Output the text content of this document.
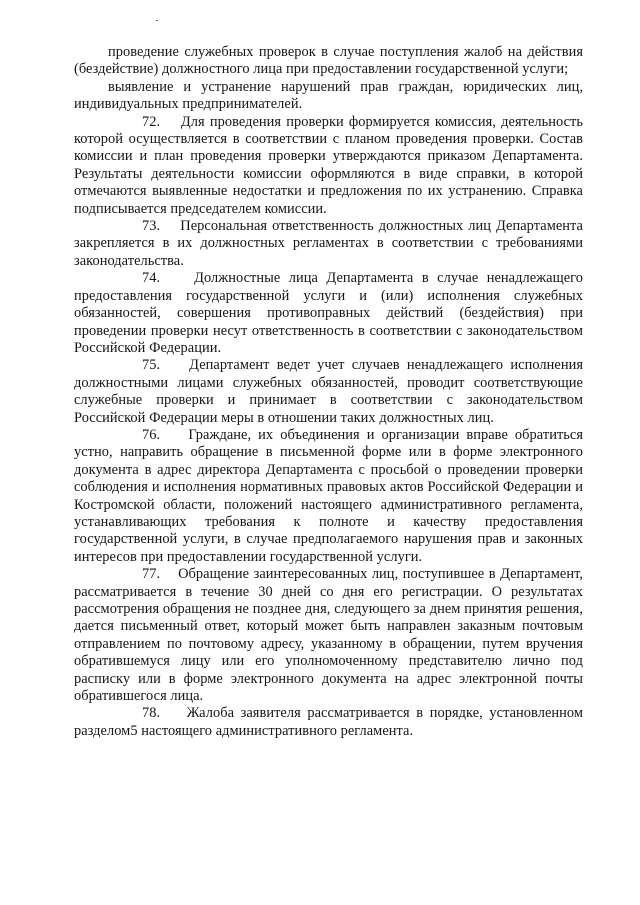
проведение служебных проверок в случае поступления жалоб на действия (бездействие) должностного лица при предоставлении государственной услуги;

выявление и устранение нарушений прав граждан, юридических лиц, индивидуальных предпринимателей.

72. Для проведения проверки формируется комиссия, деятельность которой осуществляется в соответствии с планом проведения проверки. Состав комиссии и план проведения проверки утверждаются приказом Департамента. Результаты деятельности комиссии оформляются в виде справки, в которой отмечаются выявленные недостатки и предложения по их устранению. Справка подписывается председателем комиссии.

73. Персональная ответственность должностных лиц Департамента закрепляется в их должностных регламентах в соответствии с требованиями законодательства.

74. Должностные лица Департамента в случае ненадлежащего предоставления государственной услуги и (или) исполнения служебных обязанностей, совершения противоправных действий (бездействия) при проведении проверки несут ответственность в соответствии с законодательством Российской Федерации.

75. Департамент ведет учет случаев ненадлежащего исполнения должностными лицами служебных обязанностей, проводит соответствующие служебные проверки и принимает в соответствии с законодательством Российской Федерации меры в отношении таких должностных лиц.

76. Граждане, их объединения и организации вправе обратиться устно, направить обращение в письменной форме или в форме электронного документа в адрес директора Департамента с просьбой о проведении проверки соблюдения и исполнения нормативных правовых актов Российской Федерации и Костромской области, положений настоящего административного регламента, устанавливающих требования к полноте и качеству предоставления государственной услуги, в случае предполагаемого нарушения прав и законных интересов при предоставлении государственной услуги.

77. Обращение заинтересованных лиц, поступившее в Департамент, рассматривается в течение 30 дней со дня его регистрации. О результатах рассмотрения обращения не позднее дня, следующего за днем принятия решения, дается письменный ответ, который может быть направлен заказным почтовым отправлением по почтовому адресу, указанному в обращении, путем вручения обратившемуся лицу или его уполномоченному представителю лично под расписку или в форме электронного документа на адрес электронной почты обратившегося лица.

78. Жалоба заявителя рассматривается в порядке, установленном разделом5 настоящего административного регламента.
